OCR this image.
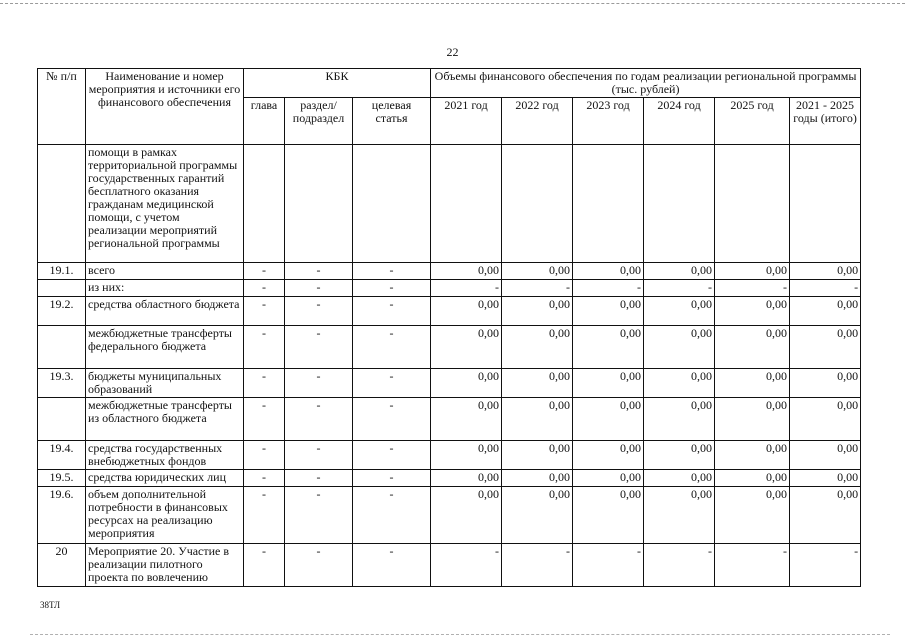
22
№ п/п	Наименование и номер мероприятия и источники его финансового обеспечения	КБК			Объемы финансового обеспечения по годам реализации региональной программы (тыс. рублей)					
		глава	раздел/ подраздел	целевая статья	2021 год	2022 год	2023 год	2024 год	2025 год	2021 - 2025 годы (итого)
	помощи в рамках территориальной программы государственных гарантий бесплатного оказания гражданам медицинской помощи, с учетом реализации мероприятий региональной программы									
19.1.	всего	-	-	-	0,00	0,00	0,00	0,00	0,00	0,00
	из них:	-	-	-	-	-	-	-	-	-
19.2.	средства областного бюджета	-	-	-	0,00	0,00	0,00	0,00	0,00	0,00
	межбюджетные трансферты федерального бюджета	-	-	-	0,00	0,00	0,00	0,00	0,00	0,00
19.3.	бюджеты муниципальных образований	-	-	-	0,00	0,00	0,00	0,00	0,00	0,00
	межбюджетные трансферты из областного бюджета	-	-	-	0,00	0,00	0,00	0,00	0,00	0,00
19.4.	средства государственных внебюджетных фондов	-	-	-	0,00	0,00	0,00	0,00	0,00	0,00
19.5.	средства юридических лиц	-	-	-	0,00	0,00	0,00	0,00	0,00	0,00
19.6.	объем дополнительной потребности в финансовых ресурсах на реализацию мероприятия	-	-	-	0,00	0,00	0,00	0,00	0,00	0,00
20	Мероприятие 20. Участие в реализации пилотного проекта по вовлечению	-	-	-	-	-	-	-	-	-
38ТЛ
